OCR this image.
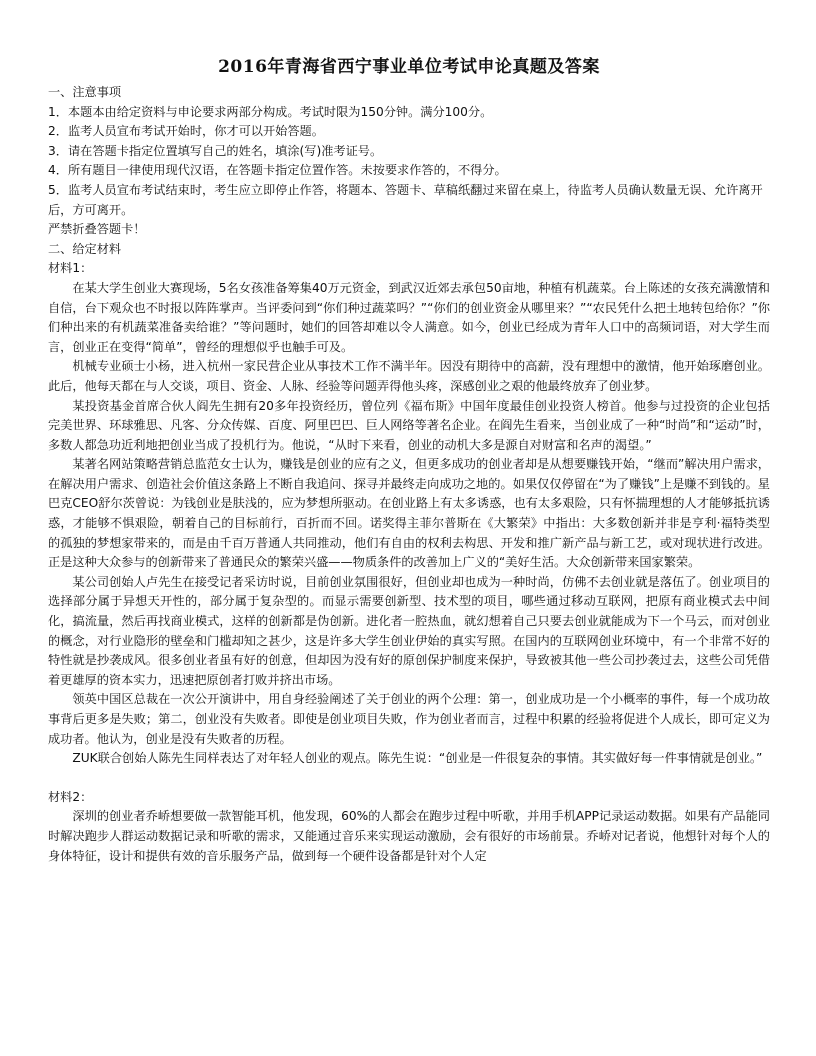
2016年青海省西宁事业单位考试申论真题及答案

一、注意事项

1．本题本由给定资料与申论要求两部分构成。考试时限为150分钟。满分100分。

2．监考人员宣布考试开始时，你才可以开始答题。

3．请在答题卡指定位置填写自己的姓名，填涂(写)准考证号。

4．所有题目一律使用现代汉语，在答题卡指定位置作答。未按要求作答的，不得分。

5．监考人员宣布考试结束时，考生应立即停止作答，将题本、答题卡、草稿纸翻过来留在桌上，待监考人员确认数量无误、允许离开后，方可离开。

严禁折叠答题卡！

二、给定材料

材料1：

在某大学生创业大赛现场，5名女孩准备筹集40万元资金，到武汉近郊去承包50亩地，种植有机蔬菜。台上陈述的女孩充满激情和自信，台下观众也不时报以阵阵掌声。当评委问到“你们种过蔬菜吗？”“你们的创业资金从哪里来？”“农民凭什么把土地转包给你？”你们种出来的有机蔬菜准备卖给谁？”等问题时，她们的回答却难以令人满意。如今，创业已经成为青年人口中的高频词语，对大学生而言，创业正在变得“简单”，曾经的理想似乎也触手可及。

机械专业硕士小杨，进入杭州一家民营企业从事技术工作不满半年。因没有期待中的高薪，没有理想中的激情，他开始琢磨创业。此后，他每天都在与人交谈，项目、资金、人脉、经验等问题弄得他头疼，深感创业之艰的他最终放弃了创业梦。

某投资基金首席合伙人阎先生拥有20多年投资经历，曾位列《福布斯》中国年度最佳创业投资人榜首。他参与过投资的企业包括完美世界、环球雅思、凡客、分众传媒、百度、阿里巴巴、巨人网络等著名企业。在阎先生看来，当创业成了一种“时尚”和“运动”时，多数人都急功近利地把创业当成了投机行为。他说，“从时下来看，创业的动机大多是源自对财富和名声的渴望。”

某著名网站策略营销总监范女士认为，赚钱是创业的应有之义，但更多成功的创业者却是从想要赚钱开始，“继而”解决用户需求，在解决用户需求、创造社会价值这条路上不断自我追问、探寻并最终走向成功之地的。如果仅仅停留在“为了赚钱”上是赚不到钱的。星巴克CEO舒尔茨曾说：为钱创业是肤浅的，应为梦想所驱动。在创业路上有太多诱惑，也有太多艰险，只有怀揣理想的人才能够抵抗诱惑，才能够不惧艰险，朝着自己的目标前行，百折而不回。诺奖得主菲尔普斯在《大繁荣》中指出：大多数创新并非是亨利·福特类型的孤独的梦想家带来的，而是由千百万普通人共同推动，他们有自由的权利去构思、开发和推广新产品与新工艺，或对现状进行改进。正是这种大众参与的创新带来了普通民众的繁荣兴盛——物质条件的改善加上广义的“美好生活。大众创新带来国家繁荣。

某公司创始人卢先生在接受记者采访时说，目前创业氛围很好，但创业却也成为一种时尚，仿佛不去创业就是落伍了。创业项目的选择部分属于异想天开性的，部分属于复杂型的。而显示需要创新型、技术型的项目，哪些通过移动互联网，把原有商业模式去中间化，搞流量，然后再找商业模式，这样的创新都是伪创新。进化者一腔热血，就幻想着自己只要去创业就能成为下一个马云，而对创业的概念，对行业隐形的壁垒和门槛却知之甚少，这是许多大学生创业伊始的真实写照。在国内的互联网创业环境中，有一个非常不好的特性就是抄袭成风。很多创业者虽有好的创意，但却因为没有好的原创保护制度来保护，导致被其他一些公司抄袭过去，这些公司凭借着更雄厚的资本实力，迅速把原创者打败并挤出市场。

领英中国区总裁在一次公开演讲中，用自身经验阐述了关于创业的两个公理：第一，创业成功是一个小概率的事件，每一个成功故事背后更多是失败；第二，创业没有失败者。即使是创业项目失败，作为创业者而言，过程中积累的经验将促进个人成长，即可定义为成功者。他认为，创业是没有失败者的历程。

ZUK联合创始人陈先生同样表达了对年轻人创业的观点。陈先生说：“创业是一件很复杂的事情。其实做好每一件事情就是创业。”

材料2：

深圳的创业者乔峤想要做一款智能耳机，他发现，60%的人都会在跑步过程中听歌，并用手机APP记录运动数据。如果有产品能同时解决跑步人群运动数据记录和听歌的需求，又能通过音乐来实现运动激励，会有很好的市场前景。乔峤对记者说，他想针对每个人的身体特征，设计和提供有效的音乐服务产品，做到每一个硬件设备都是针对个人定
